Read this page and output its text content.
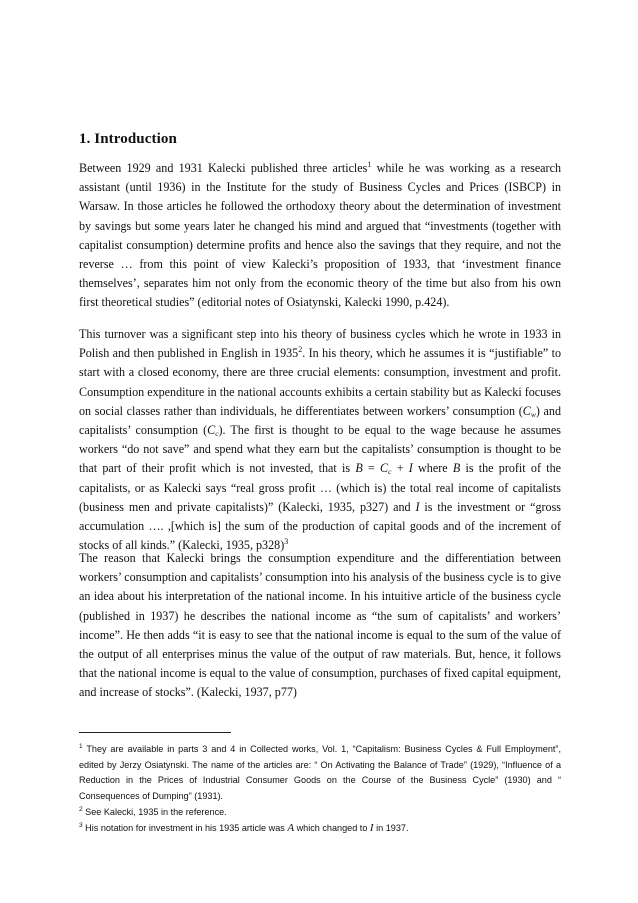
1. Introduction
Between 1929 and 1931 Kalecki published three articles$^1$ while he was working as a research assistant (until 1936) in the Institute for the study of Business Cycles and Prices (ISBCP) in Warsaw. In those articles he followed the orthodoxy theory about the determination of investment by savings but some years later he changed his mind and argued that “investments (together with capitalist consumption) determine profits and hence also the savings that they require, and not the reverse … from this point of view Kalecki’s proposition of 1933, that ‘investment finance themselves’, separates him not only from the economic theory of the time but also from his own first theoretical studies” (editorial notes of Osiatynski, Kalecki 1990, p.424).
This turnover was a significant step into his theory of business cycles which he wrote in 1933 in Polish and then published in English in 1935$^2$. In his theory, which he assumes it is “justifiable” to start with a closed economy, there are three crucial elements: consumption, investment and profit. Consumption expenditure in the national accounts exhibits a certain stability but as Kalecki focuses on social classes rather than individuals, he differentiates between workers’ consumption $(C_w)$ and capitalists’ consumption $(C_c)$. The first is thought to be equal to the wage because he assumes workers “do not save” and spend what they earn but the capitalists’ consumption is thought to be that part of their profit which is not invested, that is $B = C_c + I$ where B is the profit of the capitalists, or as Kalecki says “real gross profit … (which is) the total real income of capitalists (business men and private capitalists)” (Kalecki, 1935, p327) and I is the investment or “gross accumulation …. ,[which is] the sum of the production of capital goods and of the increment of stocks of all kinds.” (Kalecki, 1935, p328)$^3$
The reason that Kalecki brings the consumption expenditure and the differentiation between workers’ consumption and capitalists’ consumption into his analysis of the business cycle is to give an idea about his interpretation of the national income. In his intuitive article of the business cycle (published in 1937) he describes the national income as “the sum of capitalists’ and workers’ income”. He then adds “it is easy to see that the national income is equal to the sum of the value of the output of all enterprises minus the value of the output of raw materials. But, hence, it follows that the national income is equal to the value of consumption, purchases of fixed capital equipment, and increase of stocks”. (Kalecki, 1937, p77)

$^1$ They are available in parts 3 and 4 in Collected works, Vol. 1, “Capitalism: Business Cycles & Full Employment”, edited by Jerzy Osiatynski. The name of the articles are: “ On Activating the Balance of Trade” (1929), “Influence of a Reduction in the Prices of Industrial Consumer Goods on the Course of the Business Cycle” (1930) and “ Consequences of Dumping” (1931).

$^2$ See Kalecki, 1935 in the reference.

$^3$ His notation for investment in his 1935 article was A which changed to I in 1937.
